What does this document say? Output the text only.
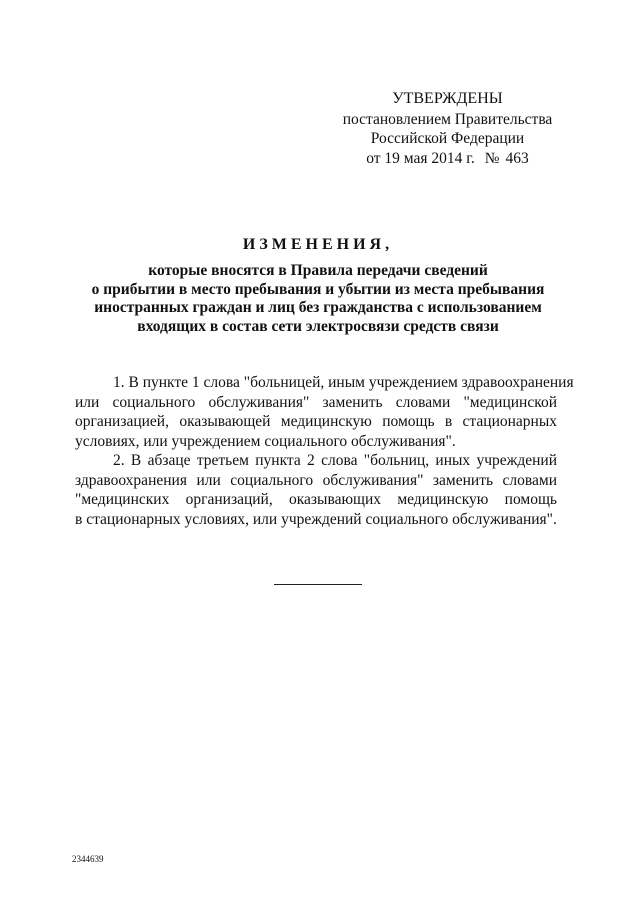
УТВЕРЖДЕНЫ
постановлением Правительства
Российской Федерации
от 19 мая 2014 г. № 463
ИЗМЕНЕНИЯ,
которые вносятся в Правила передачи сведений
о прибытии в место пребывания и убытии из места пребывания
иностранных граждан и лиц без гражданства с использованием
входящих в состав сети электросвязи средств связи
1. В пункте 1 слова "больницей, иным учреждением здравоохранения
или социального обслуживания" заменить словами "медицинской
организацией, оказывающей медицинскую помощь в стационарных
условиях, или учреждением социального обслуживания".
2. В абзаце третьем пункта 2 слова "больниц, иных учреждений
здравоохранения или социального обслуживания" заменить словами
"медицинских организаций, оказывающих медицинскую помощь
в стационарных условиях, или учреждений социального обслуживания".
2344639
